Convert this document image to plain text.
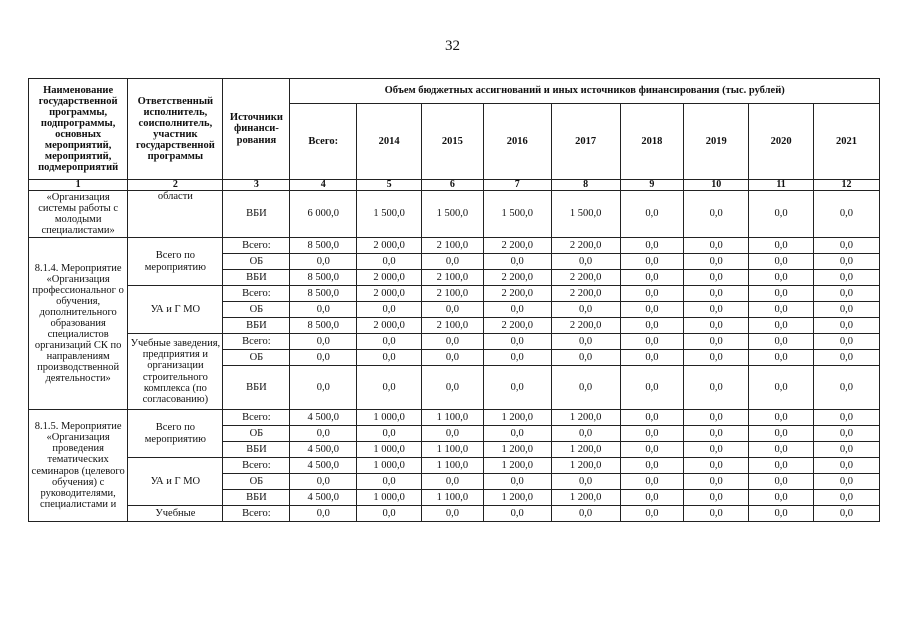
32
Наименование государственной программы, подпрограммы, основных мероприятий, мероприятий, подмероприятий	Ответственный исполнитель, соисполнитель, участник государственной программы	Источники финанси-рования	Объем бюджетных ассигнований и иных источников финансирования (тыс. рублей)								
			Всего:	2014	2015	2016	2017	2018	2019	2020	2021
1	2	3	4	5	6	7	8	9	10	11	12
«Организация системы работы с молодыми специалистами»	области	ВБИ	6 000,0	1 500,0	1 500,0	1 500,0	1 500,0	0,0	0,0	0,0	0,0
8.1.4. Мероприятие «Организация профессиональног о обучения, дополнительного образования специалистов организаций СК по направлениям производственной деятельности»	Всего по мероприятию	Всего:	8 500,0	2 000,0	2 100,0	2 200,0	2 200,0	0,0	0,0	0,0	0,0
		ОБ	0,0	0,0	0,0	0,0	0,0	0,0	0,0	0,0	0,0
		ВБИ	8 500,0	2 000,0	2 100,0	2 200,0	2 200,0	0,0	0,0	0,0	0,0
	УА и Г МО	Всего:	8 500,0	2 000,0	2 100,0	2 200,0	2 200,0	0,0	0,0	0,0	0,0
		ОБ	0,0	0,0	0,0	0,0	0,0	0,0	0,0	0,0	0,0
		ВБИ	8 500,0	2 000,0	2 100,0	2 200,0	2 200,0	0,0	0,0	0,0	0,0
	Учебные заведения, предприятия и организации строительного комплекса (по согласованию)	Всего:	0,0	0,0	0,0	0,0	0,0	0,0	0,0	0,0	0,0
		ОБ	0,0	0,0	0,0	0,0	0,0	0,0	0,0	0,0	0,0
		ВБИ	0,0	0,0	0,0	0,0	0,0	0,0	0,0	0,0	0,0
8.1.5. Мероприятие «Организация проведения тематических семинаров (целевого обучения) с руководителями, специалистами и	Всего по мероприятию	Всего:	4 500,0	1 000,0	1 100,0	1 200,0	1 200,0	0,0	0,0	0,0	0,0
		ОБ	0,0	0,0	0,0	0,0	0,0	0,0	0,0	0,0	0,0
		ВБИ	4 500,0	1 000,0	1 100,0	1 200,0	1 200,0	0,0	0,0	0,0	0,0
	УА и Г МО	Всего:	4 500,0	1 000,0	1 100,0	1 200,0	1 200,0	0,0	0,0	0,0	0,0
		ОБ	0,0	0,0	0,0	0,0	0,0	0,0	0,0	0,0	0,0
		ВБИ	4 500,0	1 000,0	1 100,0	1 200,0	1 200,0	0,0	0,0	0,0	0,0
	Учебные	Всего:	0,0	0,0	0,0	0,0	0,0	0,0	0,0	0,0	0,0
